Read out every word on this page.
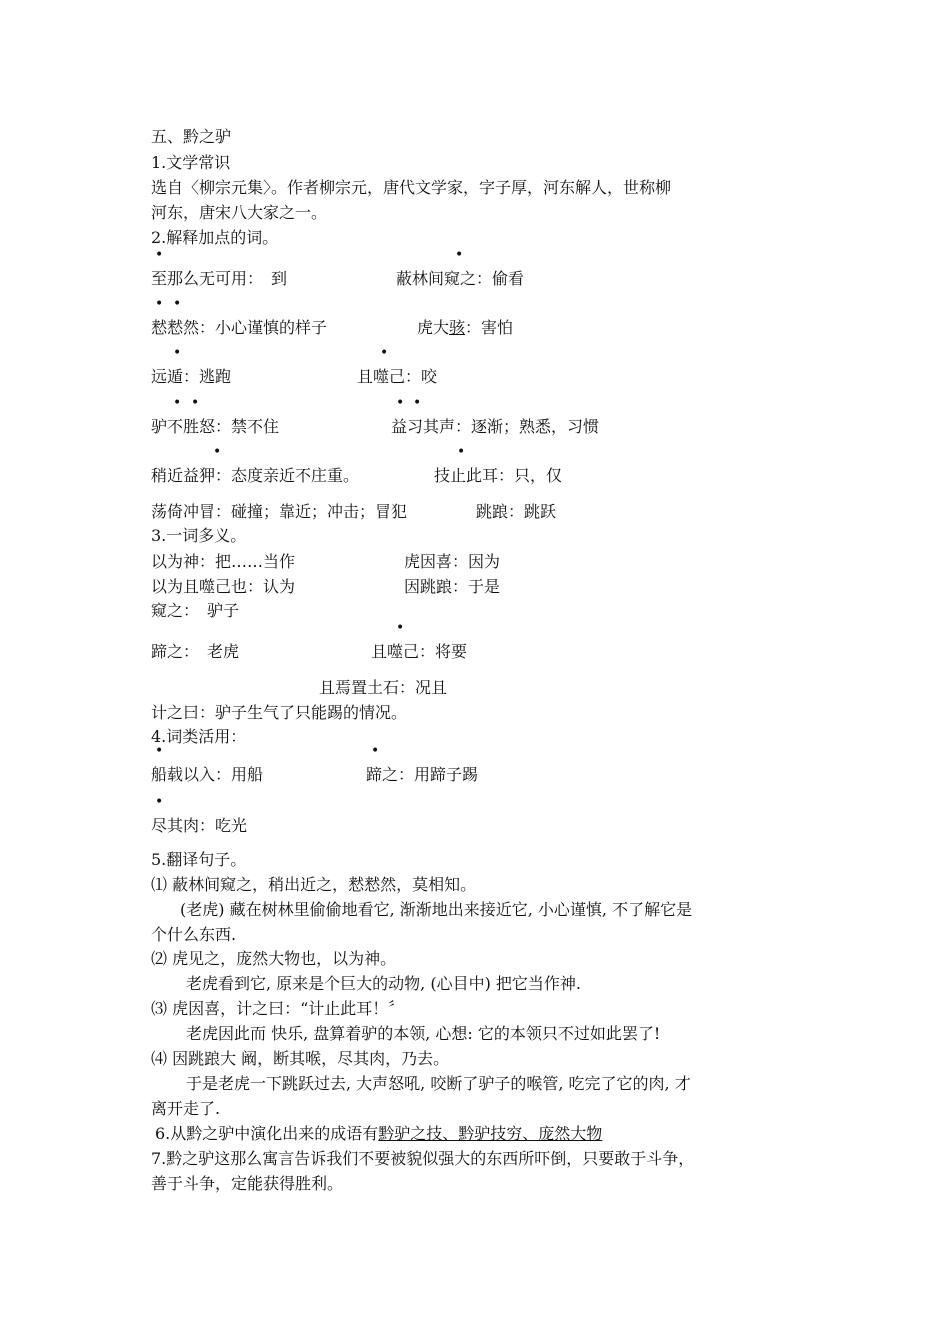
五、黔之驴
1.文学常识
选自〈柳宗元集〉。作者柳宗元，唐代文学家，字子厚，河东解人，世称柳
河东，唐宋八大家之一。
2.解释加点的词。
•	•
至那么无可用：　到	蔽林间窥之：偷看
• •
慭慭然：小心谨慎的样子	虎大骇：害怕
•	•
远遁：逃跑	且噬己：咬
• •	• •
驴不胜怒：禁不住	益习其声：逐渐；熟悉，习惯
•	•
稍近益狎：态度亲近不庄重。	技止此耳：只，仅
荡倚冲冒：碰撞；靠近；冲击；冒犯	跳踉：跳跃
3.一词多义。
以为神：把……当作	虎因喜：因为
以为且噬己也：认为	因跳踉：于是
窥之：　驴子
•
蹄之：　老虎	且噬己：将要
且焉置土石：况且
计之曰：驴子生气了只能踢的情况。
4.词类活用：
•	•
船载以入：用船	蹄之：用蹄子踢
•
尽其肉：吃光
5.翻译句子。
⑴ 蔽林间窥之，稍出近之，慭慭然，莫相知。
(老虎) 藏在树林里偷偷地看它, 渐渐地出来接近它, 小心谨慎, 不了解它是
个什么东西.
⑵ 虎见之，庞然大物也，以为神。
老虎看到它, 原来是个巨大的动物, (心目中) 把它当作神.
⑶ 虎因喜，计之曰：“计止此耳！〞
老虎因此而 快乐, 盘算着驴的本领, 心想: 它的本领只不过如此罢了!
⑷ 因跳踉大 阚，断其喉，尽其肉，乃去。
于是老虎一下跳跃过去, 大声怒吼, 咬断了驴子的喉管, 吃完了它的肉, 才
离开走了.
6.从黔之驴中演化出来的成语有黔驴之技、黔驴技穷、庞然大物
7.黔之驴这那么寓言告诉我们不要被貌似强大的东西所吓倒，只要敢于斗争，
善于斗争，定能获得胜利。
